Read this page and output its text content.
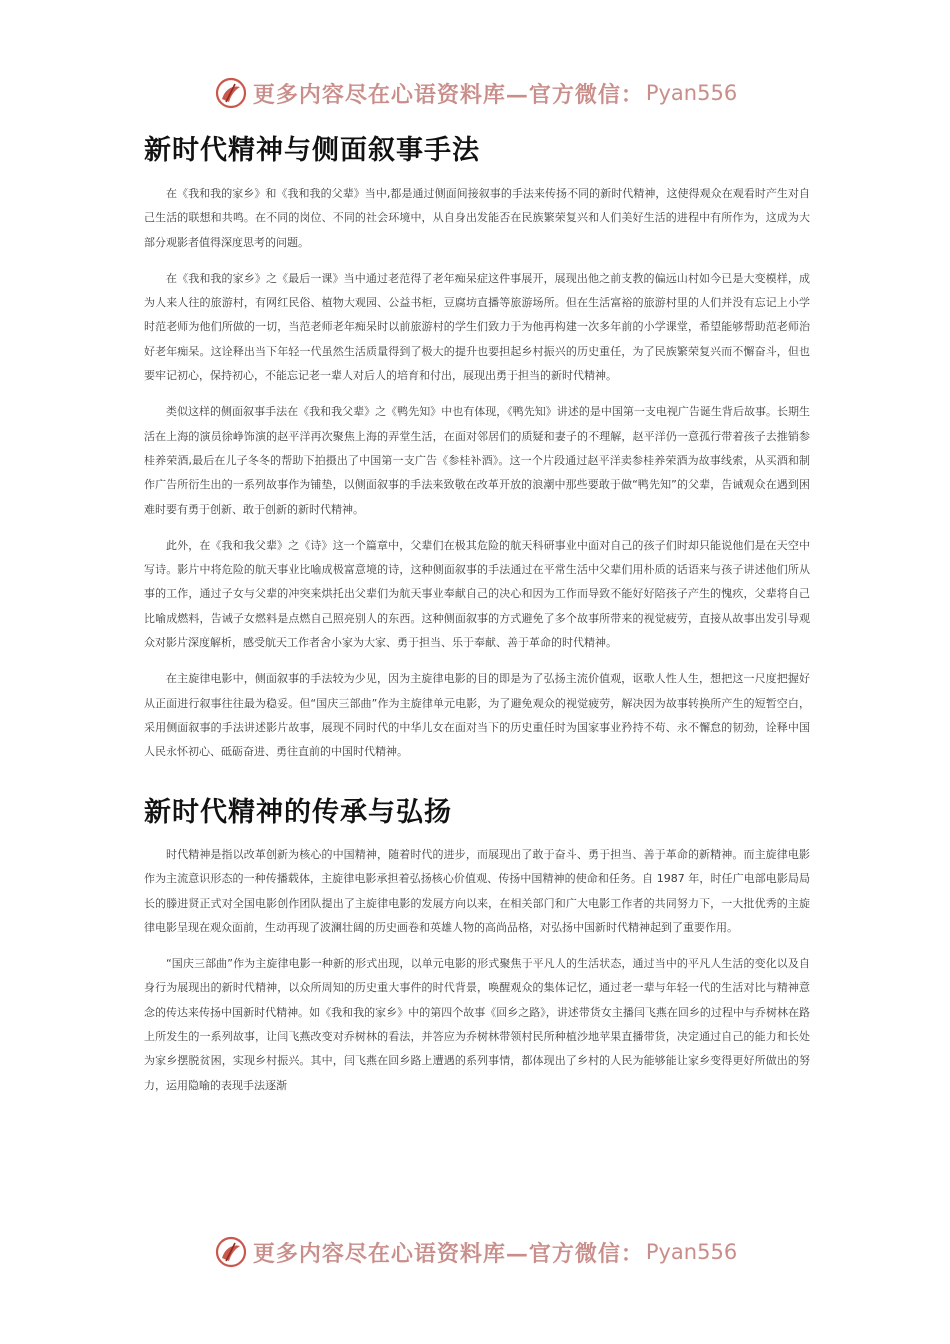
更多内容尽在心语资料库—官方微信： Pyan556
新时代精神与侧面叙事手法

在《我和我的家乡》和《我和我的父辈》当中,都是通过侧面间接叙事的手法来传扬不同的新时代精神，这使得观众在观看时产生对自己生活的联想和共鸣。在不同的岗位、不同的社会环境中，从自身出发能否在民族繁荣复兴和人们美好生活的进程中有所作为，这成为大部分观影者值得深度思考的问题。

在《我和我的家乡》之《最后一课》当中通过老范得了老年痴呆症这件事展开，展现出他之前支教的偏远山村如今已是大变模样，成为人来人往的旅游村，有网红民俗、植物大观园、公益书柜，豆腐坊直播等旅游场所。但在生活富裕的旅游村里的人们并没有忘记上小学时范老师为他们所做的一切，当范老师老年痴呆时以前旅游村的学生们致力于为他再构建一次多年前的小学课堂，希望能够帮助范老师治好老年痴呆。这诠释出当下年轻一代虽然生活质量得到了极大的提升也要担起乡村振兴的历史重任，为了民族繁荣复兴而不懈奋斗，但也要牢记初心，保持初心，不能忘记老一辈人对后人的培育和付出，展现出勇于担当的新时代精神。

类似这样的侧面叙事手法在《我和我父辈》之《鸭先知》中也有体现，《鸭先知》讲述的是中国第一支电视广告诞生背后故事。长期生活在上海的演员徐峥饰演的赵平洋再次聚焦上海的弄堂生活，在面对邻居们的质疑和妻子的不理解，赵平洋仍一意孤行带着孩子去推销参桂养荣酒,最后在儿子冬冬的帮助下拍摄出了中国第一支广告《参桂补酒》。这一个片段通过赵平洋卖参桂养荣酒为故事线索，从买酒和制作广告所衍生出的一系列故事作为铺垫，以侧面叙事的手法来致敬在改革开放的浪潮中那些要敢于做“鸭先知”的父辈，告诫观众在遇到困难时要有勇于创新、敢于创新的新时代精神。

此外，在《我和我父辈》之《诗》这一个篇章中，父辈们在极其危险的航天科研事业中面对自己的孩子们时却只能说他们是在天空中写诗。影片中将危险的航天事业比喻成极富意境的诗，这种侧面叙事的手法通过在平常生活中父辈们用朴质的话语来与孩子讲述他们所从事的工作，通过子女与父辈的冲突来烘托出父辈们为航天事业奉献自己的决心和因为工作而导致不能好好陪孩子产生的愧疚，父辈将自己比喻成燃料，告诫子女燃料是点燃自己照亮别人的东西。这种侧面叙事的方式避免了多个故事所带来的视觉疲劳，直接从故事出发引导观众对影片深度解析，感受航天工作者舍小家为大家、勇于担当、乐于奉献、善于革命的时代精神。

在主旋律电影中，侧面叙事的手法较为少见，因为主旋律电影的目的即是为了弘扬主流价值观，讴歌人性人生，想把这一尺度把握好从正面进行叙事往往最为稳妥。但“国庆三部曲”作为主旋律单元电影，为了避免观众的视觉疲劳，解决因为故事转换所产生的短暂空白，采用侧面叙事的手法讲述影片故事，展现不同时代的中华儿女在面对当下的历史重任时为国家事业矜持不苟、永不懈怠的韧劲，诠释中国人民永怀初心、砥砺奋进、勇往直前的中国时代精神。

新时代精神的传承与弘扬

时代精神是指以改革创新为核心的中国精神，随着时代的进步，而展现出了敢于奋斗、勇于担当、善于革命的新精神。而主旋律电影作为主流意识形态的一种传播载体，主旋律电影承担着弘扬核心价值观、传扬中国精神的使命和任务。自 1987 年，时任广电部电影局局长的滕进贤正式对全国电影创作团队提出了主旋律电影的发展方向以来，在相关部门和广大电影工作者的共同努力下，一大批优秀的主旋律电影呈现在观众面前，生动再现了波澜壮阔的历史画卷和英雄人物的高尚品格，对弘扬中国新时代精神起到了重要作用。

“国庆三部曲”作为主旋律电影一种新的形式出现，以单元电影的形式聚焦于平凡人的生活状态，通过当中的平凡人生活的变化以及自身行为展现出的新时代精神，以众所周知的历史重大事件的时代背景，唤醒观众的集体记忆，通过老一辈与年轻一代的生活对比与精神意念的传达来传扬中国新时代精神。如《我和我的家乡》中的第四个故事《回乡之路》，讲述带货女主播闫飞燕在回乡的过程中与乔树林在路上所发生的一系列故事，让闫飞燕改变对乔树林的看法，并答应为乔树林带领村民所种植沙地苹果直播带货，决定通过自己的能力和长处为家乡摆脱贫困，实现乡村振兴。其中，闫飞燕在回乡路上遭遇的系列事情，都体现出了乡村的人民为能够能让家乡变得更好所做出的努力，运用隐喻的表现手法逐渐

更多内容尽在心语资料库—官方微信： Pyan556
